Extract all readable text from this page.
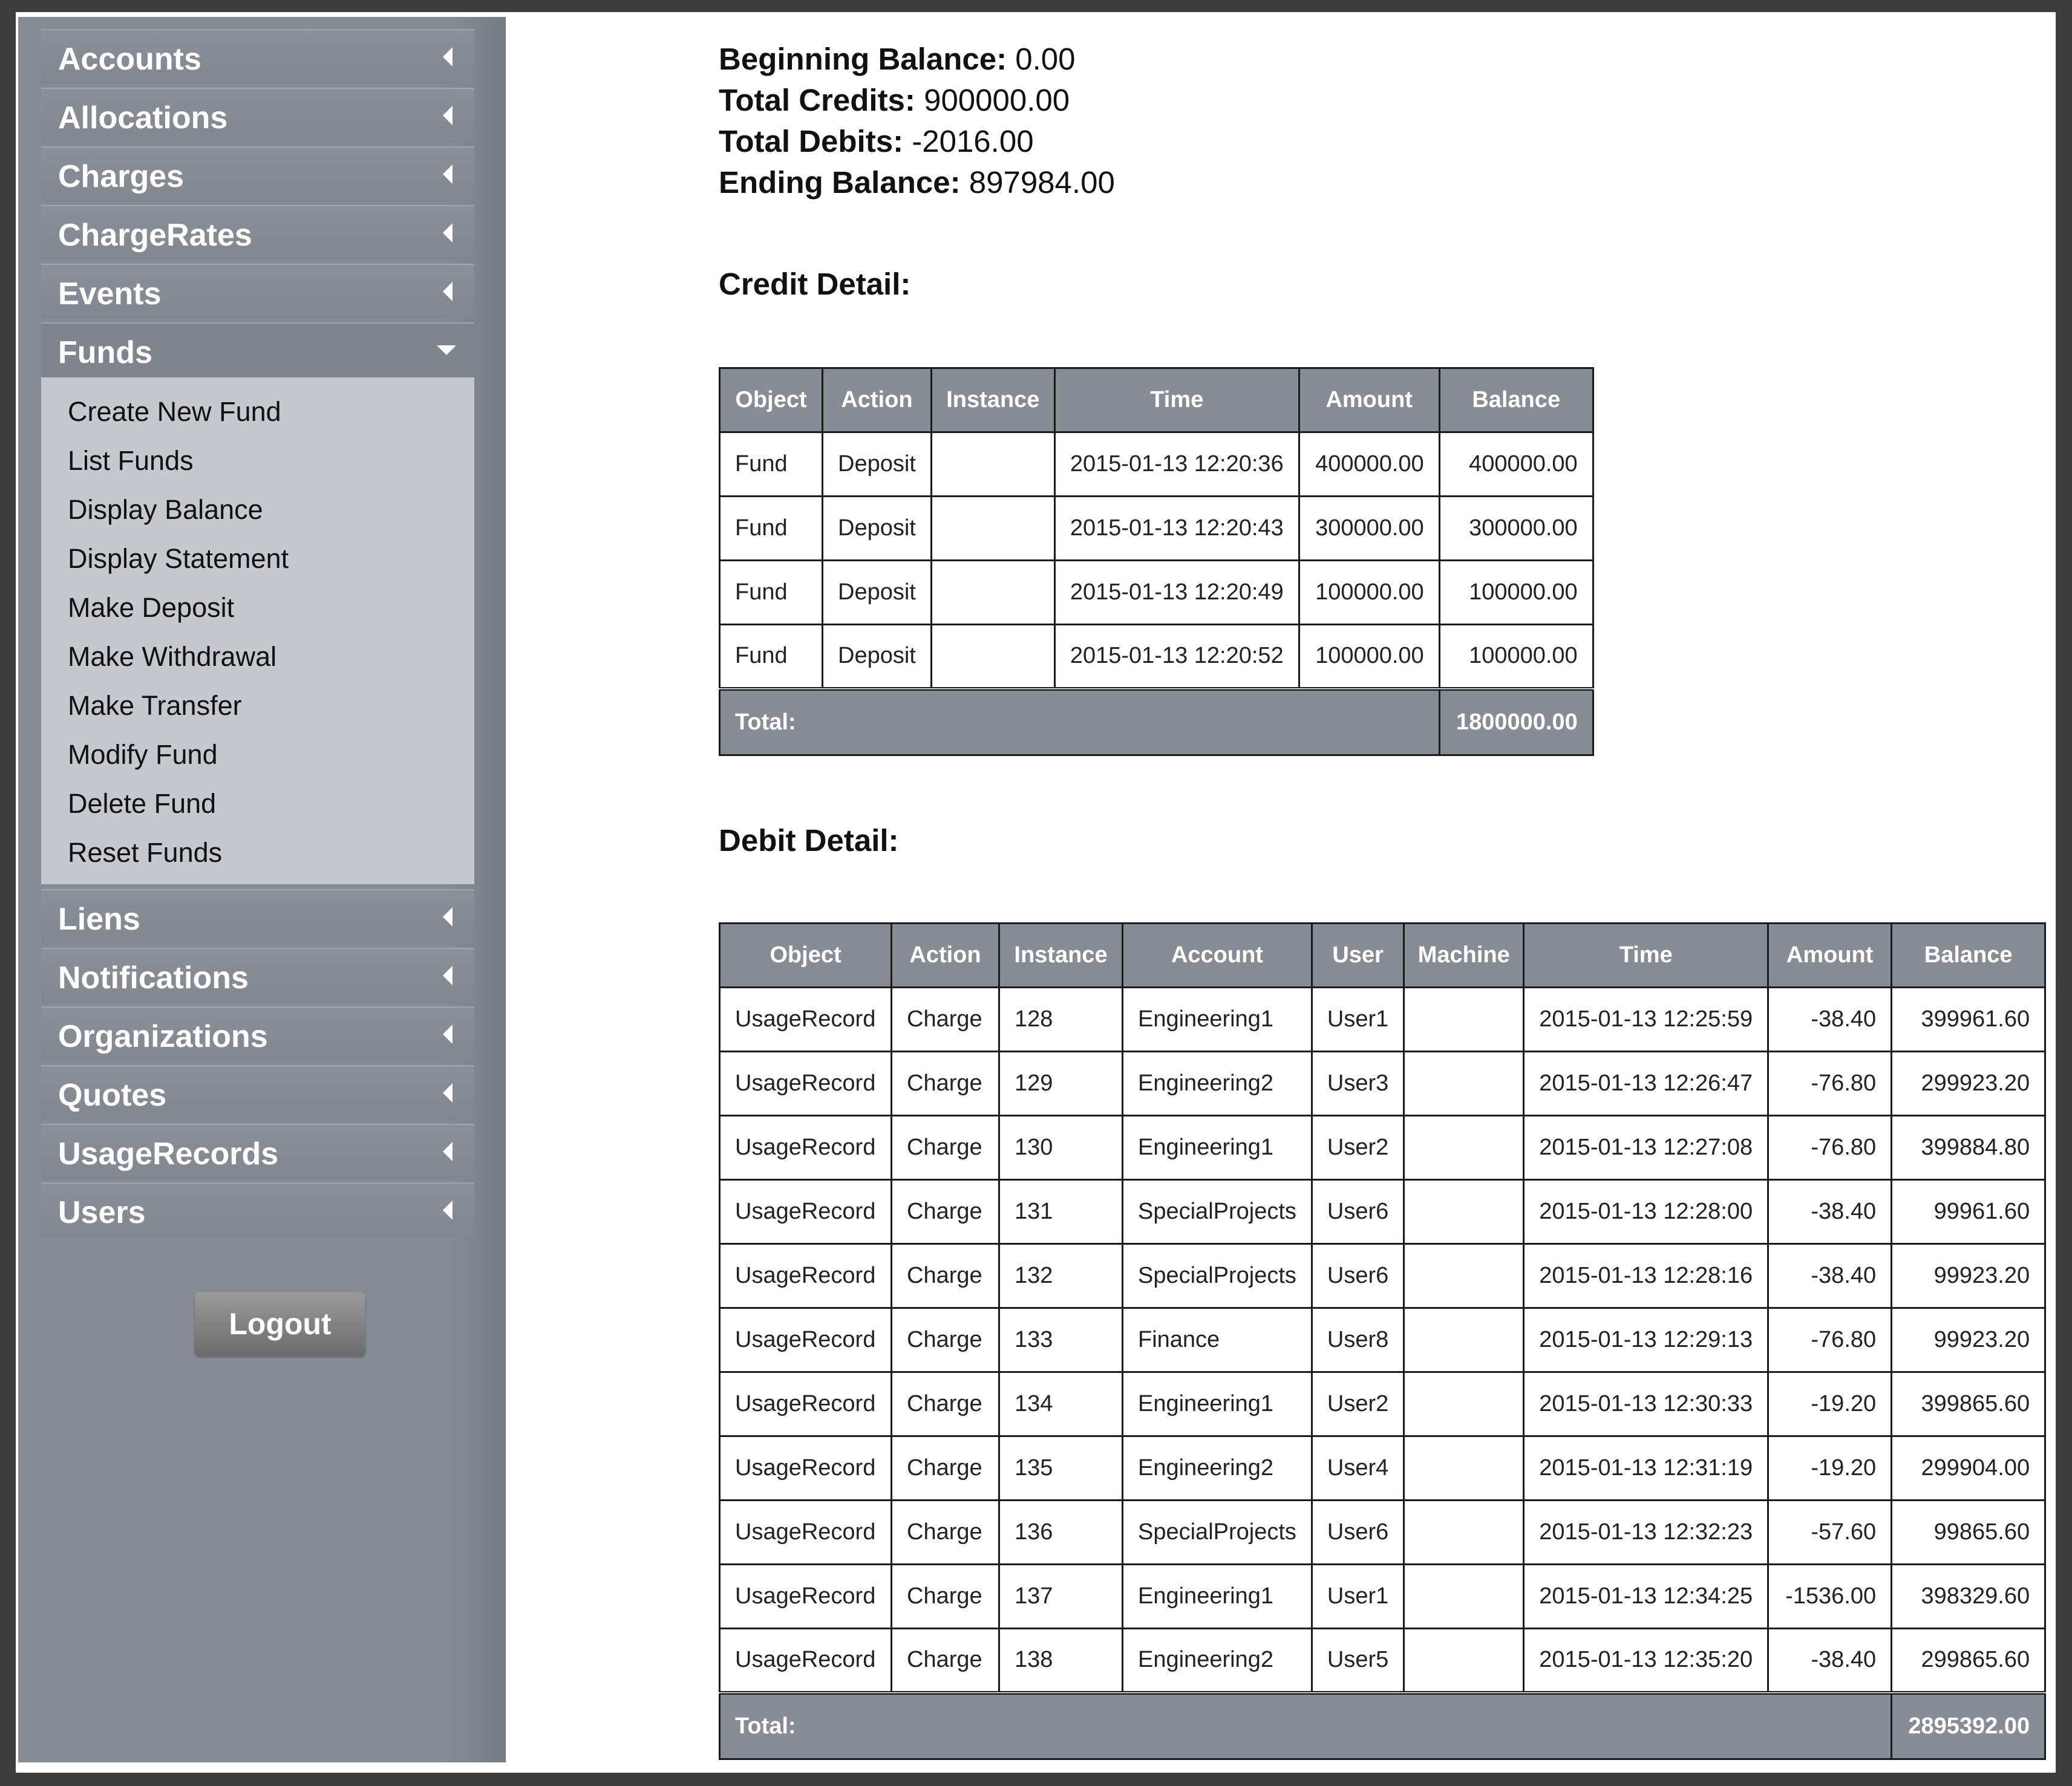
Accounts
Allocations
Charges
ChargeRates
Events
Funds
Create New Fund
List Funds
Display Balance
Display Statement
Make Deposit
Make Withdrawal
Make Transfer
Modify Fund
Delete Fund
Reset Funds
Liens
Notifications
Organizations
Quotes
UsageRecords
Users
Logout
Beginning Balance: 0.00
Total Credits: 900000.00
Total Debits: -2016.00
Ending Balance: 897984.00
Credit Detail:
Object	Action	Instance	Time	Amount	Balance
Fund	Deposit		2015-01-13 12:20:36	400000.00	400000.00
Fund	Deposit		2015-01-13 12:20:43	300000.00	300000.00
Fund	Deposit		2015-01-13 12:20:49	100000.00	100000.00
Fund	Deposit		2015-01-13 12:20:52	100000.00	100000.00
Total:					1800000.00
Debit Detail:
Object	Action	Instance	Account	User	Machine	Time	Amount	Balance
UsageRecord	Charge	128	Engineering1	User1		2015-01-13 12:25:59	-38.40	399961.60
UsageRecord	Charge	129	Engineering2	User3		2015-01-13 12:26:47	-76.80	299923.20
UsageRecord	Charge	130	Engineering1	User2		2015-01-13 12:27:08	-76.80	399884.80
UsageRecord	Charge	131	SpecialProjects	User6		2015-01-13 12:28:00	-38.40	99961.60
UsageRecord	Charge	132	SpecialProjects	User6		2015-01-13 12:28:16	-38.40	99923.20
UsageRecord	Charge	133	Finance	User8		2015-01-13 12:29:13	-76.80	99923.20
UsageRecord	Charge	134	Engineering1	User2		2015-01-13 12:30:33	-19.20	399865.60
UsageRecord	Charge	135	Engineering2	User4		2015-01-13 12:31:19	-19.20	299904.00
UsageRecord	Charge	136	SpecialProjects	User6		2015-01-13 12:32:23	-57.60	99865.60
UsageRecord	Charge	137	Engineering1	User1		2015-01-13 12:34:25	-1536.00	398329.60
UsageRecord	Charge	138	Engineering2	User5		2015-01-13 12:35:20	-38.40	299865.60
Total:								2895392.00
